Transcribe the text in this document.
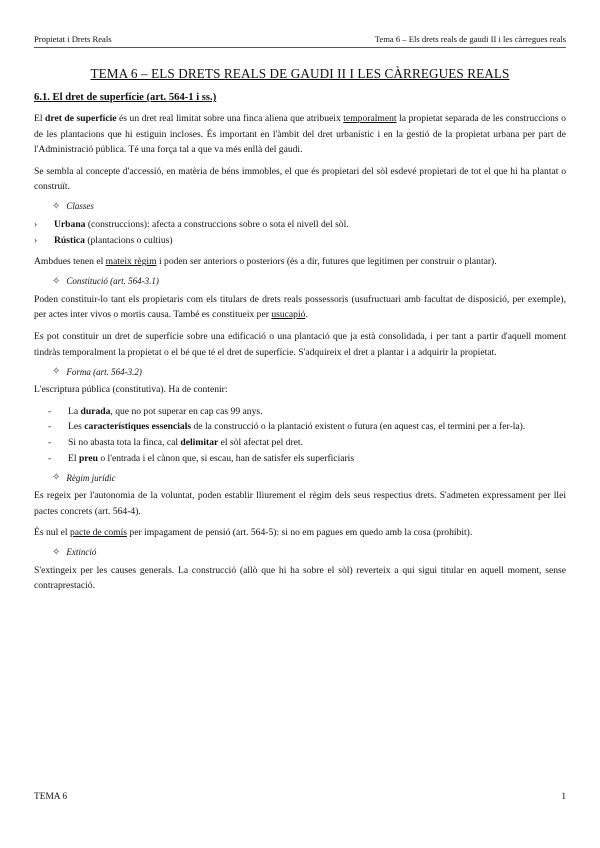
Propietat i Drets Reals	Tema 6 – Els drets reals de gaudi II i les càrregues reals
TEMA 6 – ELS DRETS REALS DE GAUDI II I LES CÀRREGUES REALS
6.1. El dret de superfície (art. 564-1 i ss.)

El dret de superfície és un dret real limitat sobre una finca aliena que atribueix temporalment la propietat separada de les construccions o de les plantacions que hi estiguin incloses. És important en l'àmbit del dret urbanístic i en la gestió de la propietat urbana per part de l'Administració pública. Té una força tal a que va més enllà del gaudi.

Se sembla al concepte d'accessió, en matèria de béns immobles, el que és propietari del sòl esdevé propietari de tot el que hi ha plantat o construït.

✧ Classes
›	Urbana (construccions): afecta a construccions sobre o sota el nivell del sòl.
›	Rústica (plantacions o cultius)

Ambdues tenen el mateix règim i poden ser anteriors o posteriors (és a dir, futures que legitimen per construir o plantar).

✧ Constitució (art. 564-3.1)

Poden constituir-lo tant els propietaris com els titulars de drets reals possessoris (usufructuari amb facultat de disposició, per exemple), per actes inter vivos o mortis causa. També es constitueix per usucapió.

Es pot constituir un dret de superfície sobre una edificació o una plantació que ja està consolidada, i per tant a partir d'aquell moment tindràs temporalment la propietat o el bé que té el dret de superfície. S'adquireix el dret a plantar i a adquirir la propietat.

✧ Forma (art. 564-3.2)

L'escriptura pública (constitutiva). Ha de contenir:

-	La durada, que no pot superar en cap cas 99 anys.
-	Les característiques essencials de la construcció o la plantació existent o futura (en aquest cas, el termini per a fer-la).
-	Si no abasta tota la finca, cal delimitar el sòl afectat pel dret.
-	El preu o l'entrada i el cànon que, si escau, han de satisfer els superficiaris
✧ Règim jurídic

Es regeix per l'autonomia de la voluntat, poden establir lliurement el règim dels seus respectius drets. S'admeten expressament per llei pactes concrets (art. 564-4).

És nul el pacte de comís per impagament de pensió (art. 564-5): si no em pagues em quedo amb la cosa (prohibit).

✧ Extinció

S'extingeix per les causes generals. La construcció (allò que hi ha sobre el sòl) reverteix a qui sigui titular en aquell moment, sense contraprestació.

TEMA 6	1
